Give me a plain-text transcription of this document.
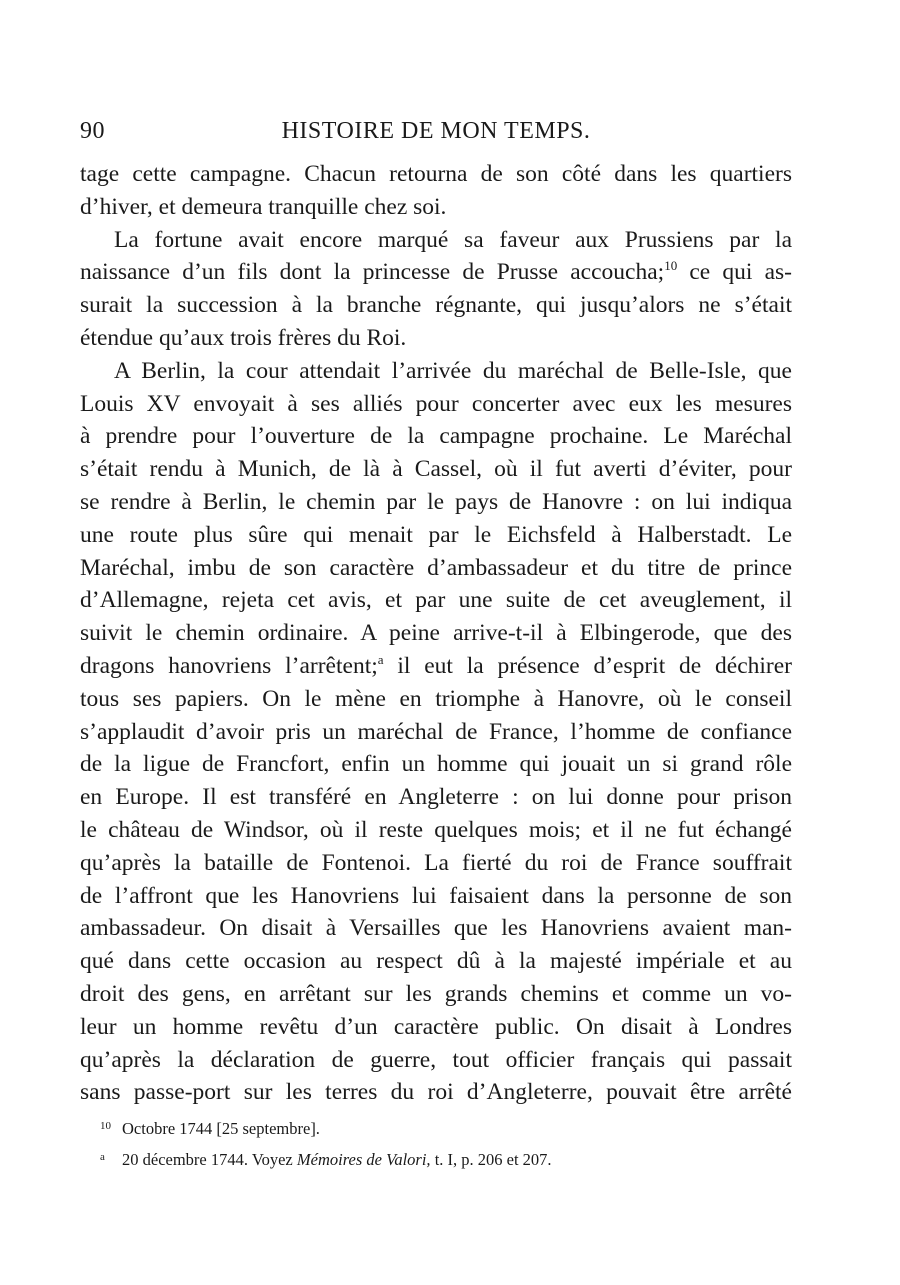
90	HISTOIRE DE MON TEMPS.

tage cette campagne. Chacun retourna de son côté dans les quartiers

d’hiver, et demeura tranquille chez soi.

La fortune avait encore marqué sa faveur aux Prussiens par la

naissance d’un fils dont la princesse de Prusse accoucha;$^{10}$ ce qui as-

surait la succession à la branche régnante, qui jusqu’alors ne s’était

étendue qu’aux trois frères du Roi.

A Berlin, la cour attendait l’arrivée du maréchal de Belle-Isle, que

Louis XV envoyait à ses alliés pour concerter avec eux les mesures

à prendre pour l’ouverture de la campagne prochaine. Le Maréchal

s’était rendu à Munich, de là à Cassel, où il fut averti d’éviter, pour

se rendre à Berlin, le chemin par le pays de Hanovre : on lui indiqua

une route plus sûre qui menait par le Eichsfeld à Halberstadt. Le

Maréchal, imbu de son caractère d’ambassadeur et du titre de prince

d’Allemagne, rejeta cet avis, et par une suite de cet aveuglement, il

suivit le chemin ordinaire. A peine arrive-t-il à Elbingerode, que des

dragons hanovriens l’arrêtent;$^a$ il eut la présence d’esprit de déchirer

tous ses papiers. On le mène en triomphe à Hanovre, où le conseil

s’applaudit d’avoir pris un maréchal de France, l’homme de confiance

de la ligue de Francfort, enfin un homme qui jouait un si grand rôle

en Europe. Il est transféré en Angleterre : on lui donne pour prison

le château de Windsor, où il reste quelques mois; et il ne fut échangé

qu’après la bataille de Fontenoi. La fierté du roi de France souffrait

de l’affront que les Hanovriens lui faisaient dans la personne de son

ambassadeur. On disait à Versailles que les Hanovriens avaient man-

qué dans cette occasion au respect dû à la majesté impériale et au

droit des gens, en arrêtant sur les grands chemins et comme un vo-

leur un homme revêtu d’un caractère public. On disait à Londres

qu’après la déclaration de guerre, tout officier français qui passait

sans passe-port sur les terres du roi d’Angleterre, pouvait être arrêté

10 Octobre 1744 [25 septembre].
a 20 décembre 1744. Voyez Mémoires de Valori, t. I, p. 206 et 207.
